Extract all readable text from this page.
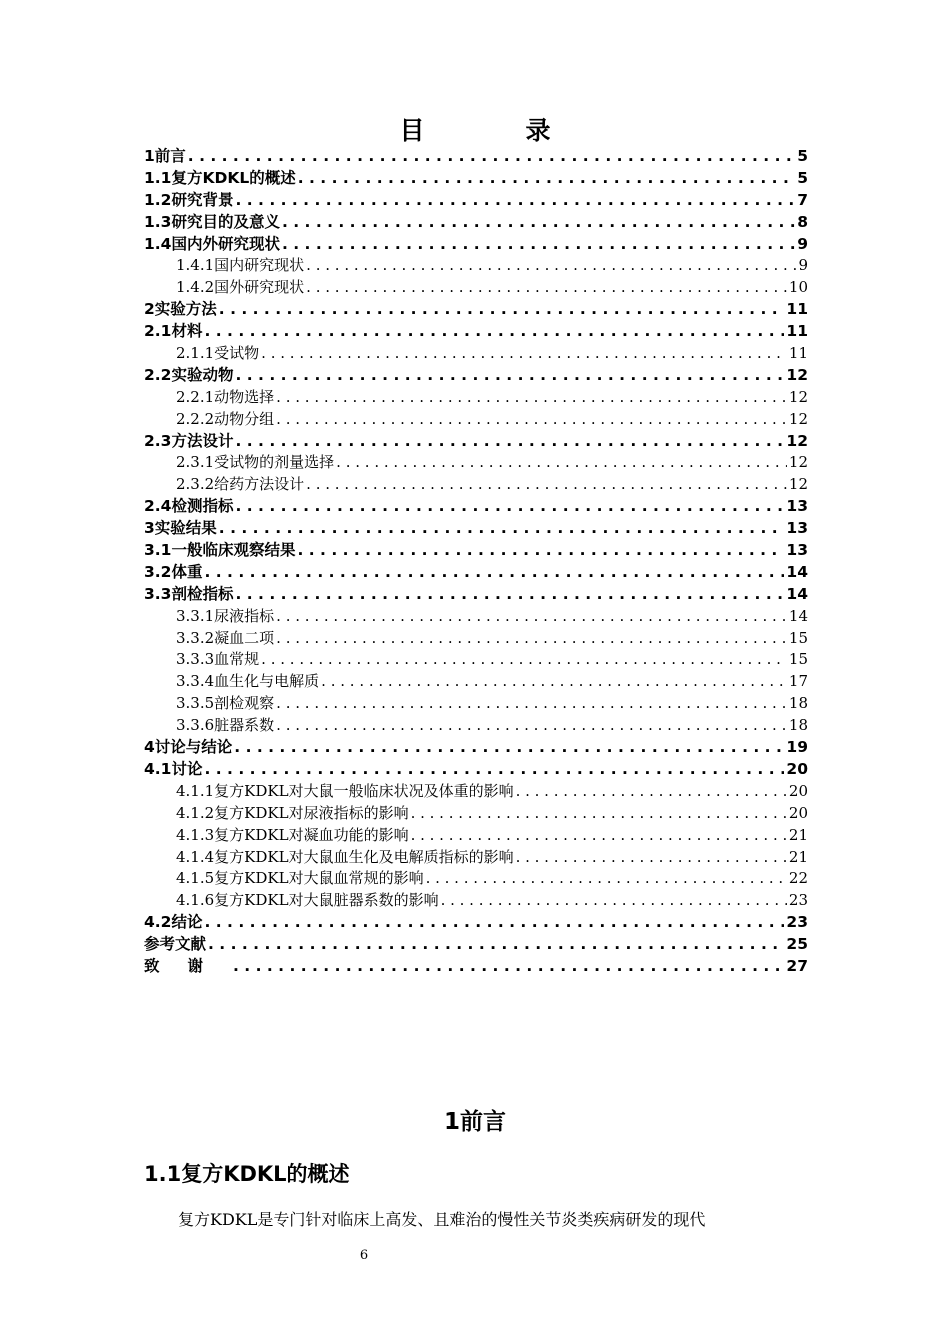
目　录
1前言 . . .	5
1.1复方KDKL的概述 . . .	5
1.2研究背景 . . .	7
1.3研究目的及意义 . . .	8
1.4国内外研究现状 . . .	9
1.4.1国内研究现状 . . .	9
1.4.2国外研究现状 . . .	10
2实验方法 . . .	11
2.1材料 . . .	11
2.1.1受试物 . . .	11
2.2实验动物 . . .	12
2.2.1动物选择 . . .	12
2.2.2动物分组 . . .	12
2.3方法设计 . . .	12
2.3.1受试物的剂量选择 . . .	12
2.3.2给药方法设计 . . .	12
2.4检测指标 . . .	13
3实验结果 . . .	13
3.1一般临床观察结果 . . .	13
3.2体重 . . .	14
3.3剖检指标 . . .	14
3.3.1尿液指标 . . .	14
3.3.2凝血二项 . . .	15
3.3.3血常规 . . .	15
3.3.4血生化与电解质 . . .	17
3.3.5剖检观察 . . .	18
3.3.6脏器系数 . . .	18
4讨论与结论 . . .	19
4.1讨论 . . .	20
4.1.1复方KDKL对大鼠一般临床状况及体重的影响 . . .	20
4.1.2复方KDKL对尿液指标的影响 . . .	20
4.1.3复方KDKL对凝血功能的影响 . . .	21
4.1.4复方KDKL对大鼠血生化及电解质指标的影响 . . .	21
4.1.5复方KDKL对大鼠血常规的影响 . . .	22
4.1.6复方KDKL对大鼠脏器系数的影响 . . .	23
4.2结论 . . .	23
参考文献 . . .	25
致谢 . . .	27
1前言
1.1复方KDKL的概述
复方KDKL是专门针对临床上高发、且难治的慢性关节炎类疾病研发的现代
6
